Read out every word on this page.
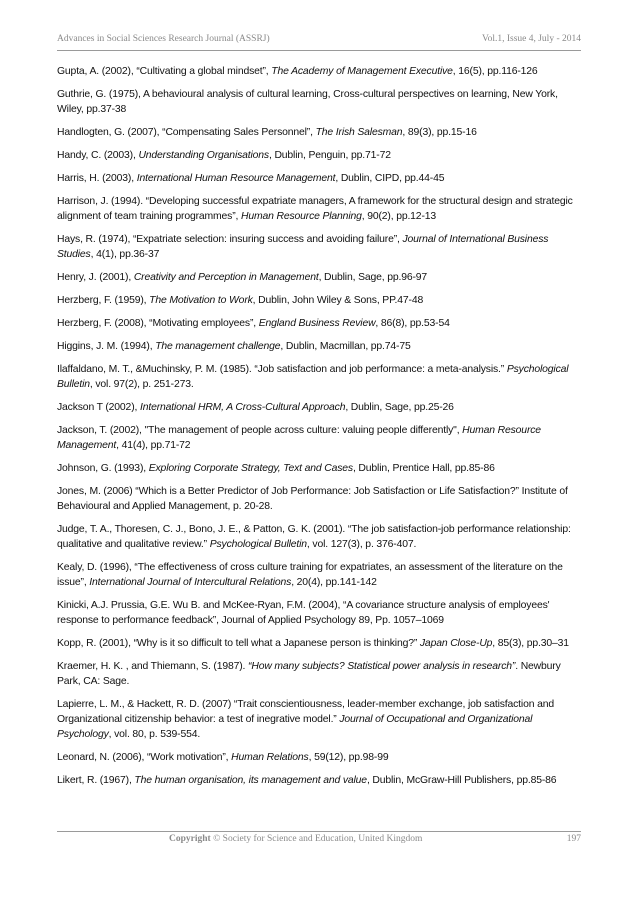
Advances in Social Sciences Research Journal (ASSRJ)	Vol.1, Issue 4, July - 2014

Gupta, A. (2002), “Cultivating a global mindset”, The Academy of Management Executive, 16(5), pp.116-126

Guthrie, G. (1975), A behavioural analysis of cultural learning, Cross-cultural perspectives on learning, New York, Wiley, pp.37-38

Handlogten, G. (2007), “Compensating Sales Personnel”, The Irish Salesman, 89(3), pp.15-16

Handy, C. (2003), Understanding Organisations, Dublin, Penguin, pp.71-72

Harris, H. (2003), International Human Resource Management, Dublin, CIPD, pp.44-45

Harrison, J. (1994). “Developing successful expatriate managers, A framework for the structural design and strategic alignment of team training programmes”, Human Resource Planning, 90(2), pp.12-13

Hays, R. (1974), “Expatriate selection: insuring success and avoiding failure”, Journal of International Business Studies, 4(1), pp.36-37

Henry, J. (2001), Creativity and Perception in Management, Dublin, Sage, pp.96-97

Herzberg, F. (1959), The Motivation to Work, Dublin, John Wiley & Sons, PP.47-48

Herzberg, F. (2008), “Motivating employees”, England Business Review, 86(8), pp.53-54

Higgins, J. M. (1994), The management challenge, Dublin, Macmillan, pp.74-75

Ilaffaldano, M. T., &Muchinsky, P. M. (1985). “Job satisfaction and job performance: a meta-analysis.” Psychological Bulletin, vol. 97(2), p. 251-273.

Jackson T (2002), International HRM, A Cross-Cultural Approach, Dublin, Sage, pp.25-26

Jackson, T. (2002), "The management of people across culture: valuing people differently", Human Resource Management, 41(4), pp.71-72

Johnson, G. (1993), Exploring Corporate Strategy, Text and Cases, Dublin, Prentice Hall, pp.85-86

Jones, M. (2006) “Which is a Better Predictor of Job Performance: Job Satisfaction or Life Satisfaction?” Institute of Behavioural and Applied Management, p. 20-28.

Judge, T. A., Thoresen, C. J., Bono, J. E., & Patton, G. K. (2001). “The job satisfaction-job performance relationship: qualitative and qualitative review.” Psychological Bulletin, vol. 127(3), p. 376-407.

Kealy, D. (1996), “The effectiveness of cross culture training for expatriates, an assessment of the literature on the issue”, International Journal of Intercultural Relations, 20(4), pp.141-142

Kinicki, A.J. Prussia, G.E. Wu B. and McKee-Ryan, F.M. (2004), “A covariance structure analysis of employees' response to performance feedback”, Journal of Applied Psychology 89, Pp. 1057–1069

Kopp, R. (2001), “Why is it so difficult to tell what a Japanese person is thinking?” Japan Close-Up, 85(3), pp.30–31

Kraemer, H. K. , and Thiemann, S. (1987). “How many subjects? Statistical power analysis in research”. Newbury Park, CA: Sage.

Lapierre, L. M., & Hackett, R. D. (2007) “Trait conscientiousness, leader-member exchange, job satisfaction and Organizational citizenship behavior: a test of inegrative model.” Journal of Occupational and Organizational Psychology, vol. 80, p. 539-554.

Leonard, N. (2006), “Work motivation”, Human Relations, 59(12), pp.98-99

Likert, R. (1967), The human organisation, its management and value, Dublin, McGraw-Hill Publishers, pp.85-86

Copyright © Society for Science and Education, United Kingdom	197
